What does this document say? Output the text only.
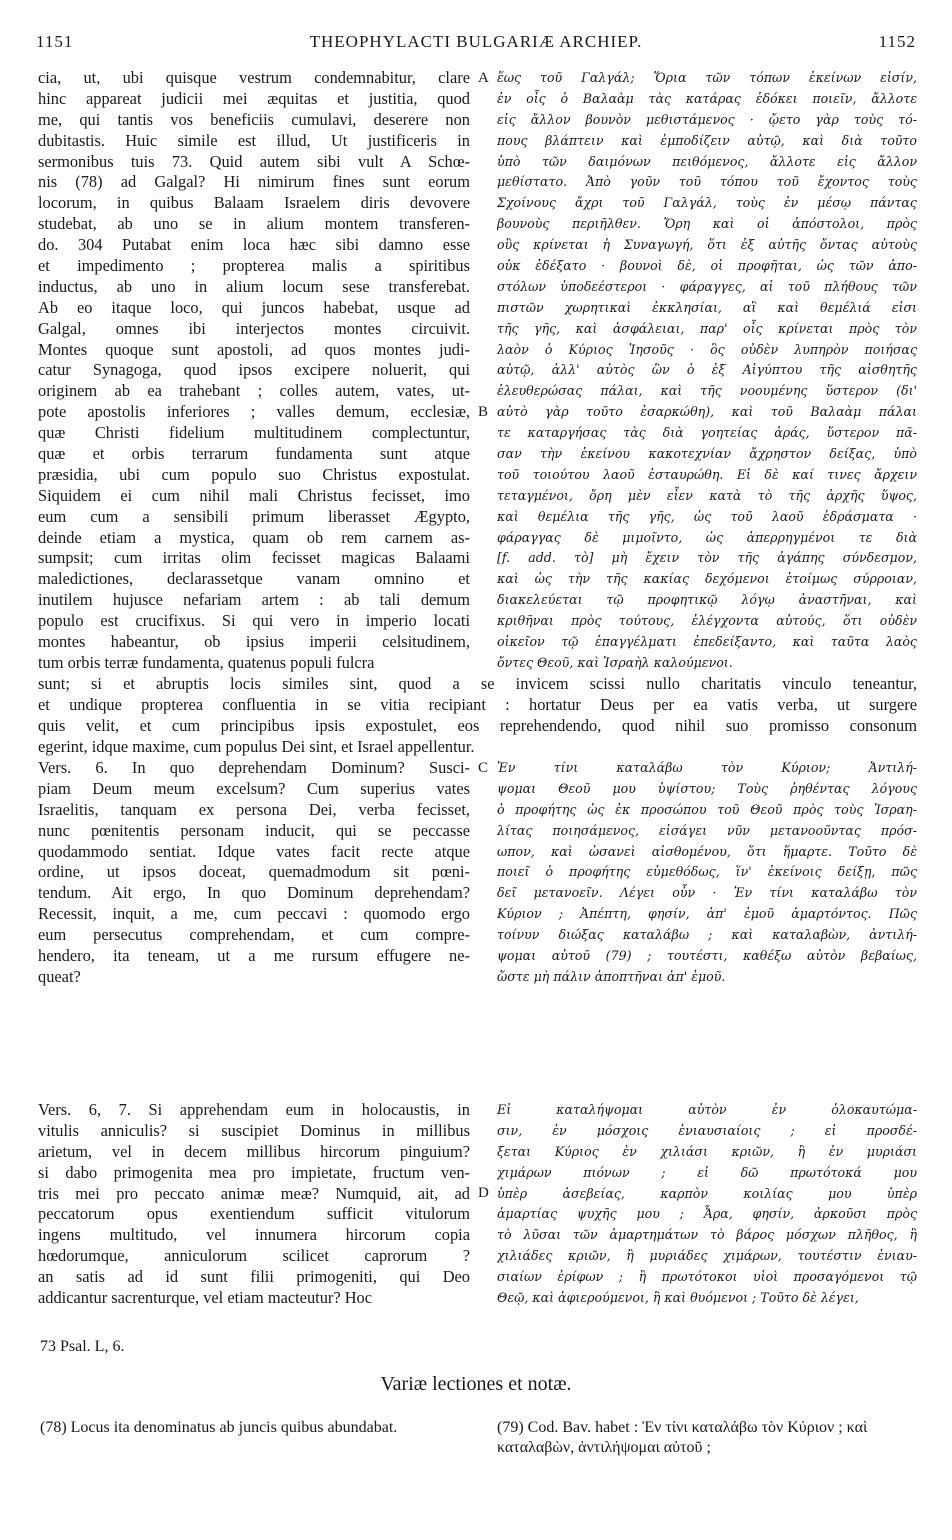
1151	THEOPHYLACTI BULGARIÆ ARCHIEP.	1152
cia, ut, ubi quisque vestrum condemnabitur, clare
hinc appareat judicii mei æquitas et justitia, quod
me, qui tantis vos beneficiis cumulavi, deserere non
dubitastis. Huic simile est illud, Ut justificeris in
sermonibus tuis 73. Quid autem sibi vult A Schœ-
nis (78) ad Galgal? Hi nimirum fines sunt eorum
locorum, in quibus Balaam Israelem diris devovere
studebat, ab uno se in alium montem transferen-
do. 304 Putabat enim loca hæc sibi damno esse
et impedimento ; propterea malis a spiritibus
inductus, ab uno in alium locum sese transferebat.
Ab eo itaque loco, qui juncos habebat, usque ad
Galgal, omnes ibi interjectos montes circuivit.
Montes quoque sunt apostoli, ad quos montes judi-
catur Synagoga, quod ipsos excipere noluerit, qui
originem ab ea trahebant ; colles autem, vates, ut-
pote apostolis inferiores ; valles demum, ecclesiæ,
quæ Christi fidelium multitudinem complectuntur,
quæ et orbis terrarum fundamenta sunt atque
præsidia, ubi cum populo suo Christus expostulat.
Siquidem ei cum nihil mali Christus fecisset, imo
eum cum a sensibili primum liberasset Ægypto,
deinde etiam a mystica, quam ob rem carnem as-
sumpsit; cum irritas olim fecisset magicas Balaami
maledictiones, declarassetque vanam omnino et
inutilem hujusce nefariam artem : ab tali demum
populo est crucifixus. Si qui vero in imperio locati
montes habeantur, ob ipsius imperii celsitudinem,
tum orbis terræ fundamenta, quatenus populi fulcra
ἕως τοῦ Γαλγάλ; Ὅρια τῶν τόπων ἐκείνων εἰσίν,
ἐν οἷς ὁ Βαλαὰμ τὰς κατάρας ἐδόκει ποιεῖν, ἄλλοτε
εἰς ἄλλον βουνὸν μεθιστάμενος · ᾤετο γὰρ τοὺς τό-
πους βλάπτειν καὶ ἐμποδίζειν αὐτῷ, καὶ διὰ τοῦτο
ὑπὸ τῶν δαιμόνων πειθόμενος, ἄλλοτε εἰς ἄλλον
μεθίστατο. Ἀπὸ γοῦν τοῦ τόπου τοῦ ἔχοντος τοὺς
Σχοίνους ἄχρι τοῦ Γαλγάλ, τοὺς ἐν μέσῳ πάντας
βουνοὺς περιῆλθεν. Ὄρη καὶ οἱ ἀπόστολοι, πρὸς
οὓς κρίνεται ἡ Συναγωγή, ὅτι ἐξ αὐτῆς ὄντας αὐτοὺς
οὐκ ἐδέξατο · βουνοὶ δὲ, οἱ προφῆται, ὡς τῶν ἀπο-
στόλων ὑποδεέστεροι · φάραγγες, αἱ τοῦ πλήθους τῶν
πιστῶν χωρητικαὶ ἐκκλησίαι, αἳ καὶ θεμέλιά εἰσι
τῆς γῆς, καὶ ἀσφάλειαι, παρ' οἷς κρίνεται πρὸς τὸν
λαὸν ὁ Κύριος Ἰησοῦς · ὃς οὐδὲν λυπηρὸν ποιήσας
αὐτῷ, ἀλλ' αὐτὸς ὢν ὁ ἐξ Αἰγύπτου τῆς αἰσθητῆς
ἐλευθερώσας πάλαι, καὶ τῆς νοουμένης ὕστερον (δι'
αὐτὸ γὰρ τοῦτο ἐσαρκώθη), καὶ τοῦ Βαλαὰμ πάλαι
τε καταργήσας τὰς διὰ γοητείας ἀράς, ὕστερον πᾶ-
σαν τὴν ἐκείνου κακοτεχνίαν ἄχρηστον δείξας, ὑπὸ
τοῦ τοιούτου λαοῦ ἐσταυρώθη. Εἰ δὲ καί τινες ἄρχειν
τεταγμένοι, ὄρη μὲν εἶεν κατὰ τὸ τῆς ἀρχῆς ὕψος,
καὶ θεμέλια τῆς γῆς, ὡς τοῦ λαοῦ ἑδράσματα ·
φάραγγας δὲ μιμοῖντο, ὡς ἀπερρηγμένοι τε διὰ
[f. add. τὸ] μὴ ἔχειν τὸν τῆς ἀγάπης σύνδεσμον,
καὶ ὡς τὴν τῆς κακίας δεχόμενοι ἑτοίμως σύρροιαν,
διακελεύεται τῷ προφητικῷ λόγῳ ἀναστῆναι, καὶ
κριθῆναι πρὸς τούτους, ἐλέγχοντα αὐτούς, ὅτι οὐδὲν
οἰκεῖον τῷ ἐπαγγέλματι ἐπεδείξαντο, καὶ ταῦτα λαὸς
ὄντες Θεοῦ, καὶ Ἰσραὴλ καλούμενοι.
sunt; si et abruptis locis similes sint, quod a se invicem scissi nullo charitatis vinculo teneantur,
et undique propterea confluentia in se vitia recipiant : hortatur Deus per ea vatis verba, ut surgere
quis velit, et cum principibus ipsis expostulet, eos reprehendendo, quod nihil suo promisso consonum
egerint, idque maxime, cum populus Dei sint, et Israel appellentur.
Vers. 6. In quo deprehendam Dominum? Susci-
piam Deum meum excelsum? Cum superius vates
Israelitis, tanquam ex persona Dei, verba fecisset,
nunc pœnitentis personam inducit, qui se peccasse
quodammodo sentiat. Idque vates facit recte atque
ordine, ut ipsos doceat, quemadmodum sit pœni-
tendum. Ait ergo, In quo Dominum deprehendam?
Recessit, inquit, a me, cum peccavi : quomodo ergo
eum persecutus comprehendam, et cum compre-
hendero, ita teneam, ut a me rursum effugere ne-
queat?
Vers. 6, 7. Si apprehendam eum in holocaustis, in
vitulis anniculis? si suscipiet Dominus in millibus
arietum, vel in decem millibus hircorum pinguium?
si dabo primogenita mea pro impietate, fructum ven-
tris mei pro peccato animæ meæ? Numquid, ait, ad
peccatorum opus exentiendum sufficit vitulorum
ingens multitudo, vel innumera hircorum copia
hœdorumque, anniculorum scilicet caprorum ?
an satis ad id sunt filii primogeniti, qui Deo
addicantur sacrenturque, vel etiam macteutur? Hoc
Ἐν τίνι καταλάβω τὸν Κύριον; Ἀντιλή-
ψομαι Θεοῦ μου ὑψίστου; Τοὺς ῥηθέντας λόγους
ὁ προφήτης ὡς ἐκ προσώπου τοῦ Θεοῦ πρὸς τοὺς Ἰσραη-
λίτας ποιησάμενος, εἰσάγει νῦν μετανοοῦντας πρόσ-
ωπον, καὶ ὡσανεὶ αἰσθομένου, ὅτι ἥμαρτε. Τοῦτο δὲ
ποιεῖ ὁ προφήτης εὐμεθόδως, ἵν' ἐκείνοις δείξῃ, πῶς
δεῖ μετανοεῖν. Λέγει οὖν · Ἐν τίνι καταλάβω τὸν
Κύριον ; Ἀπέπτη, φησίν, ἀπ' ἐμοῦ ἁμαρτόντος. Πῶς
τοίνυν διώξας καταλάβω ; καὶ καταλαβὼν, ἀντιλή-
ψομαι αὐτοῦ (79) ; τουτέστι, καθέξω αὐτὸν βεβαίως,
ὥστε μὴ πάλιν ἀποπτῆναι ἀπ' ἐμοῦ.
Εἰ καταλήψομαι αὐτὸν ἐν ὁλοκαυτώμα-
σιν, ἐν μόσχοις ἐνιαυσιαίοις ; εἰ προσδέ-
ξεται Κύριος ἐν χιλιάσι κριῶν, ἢ ἐν μυριάσι
χιμάρων πιόνων ; εἰ δῶ πρωτότοκά μου
ὑπὲρ ἀσεβείας, καρπὸν κοιλίας μου ὑπὲρ
ἁμαρτίας ψυχῆς μου ; Ἆρα, φησίν, ἀρκοῦσι πρὸς
τὸ λῦσαι τῶν ἁμαρτημάτων τὸ βάρος μόσχων πλῆθος, ἢ
χιλιάδες κριῶν, ἢ μυριάδες χιμάρων, τουτέστιν ἐνιαυ-
σιαίων ἐρίφων ; ἢ πρωτότοκοι υἱοὶ προσαγόμενοι τῷ
Θεῷ, καὶ ἀφιερούμενοι, ἢ καὶ θυόμενοι ; Τοῦτο δὲ λέγει,
A
B
C
D
73 Psal. L, 6.
Variæ lectiones et notæ.
(78) Locus ita denominatus ab juncis quibus abundabat.	(79) Cod. Bav. habet : Ἐν τίνι καταλάβω τὸν Κύριον ; καὶ καταλαβὼν, ἀντιλήψομαι αὐτοῦ ;
